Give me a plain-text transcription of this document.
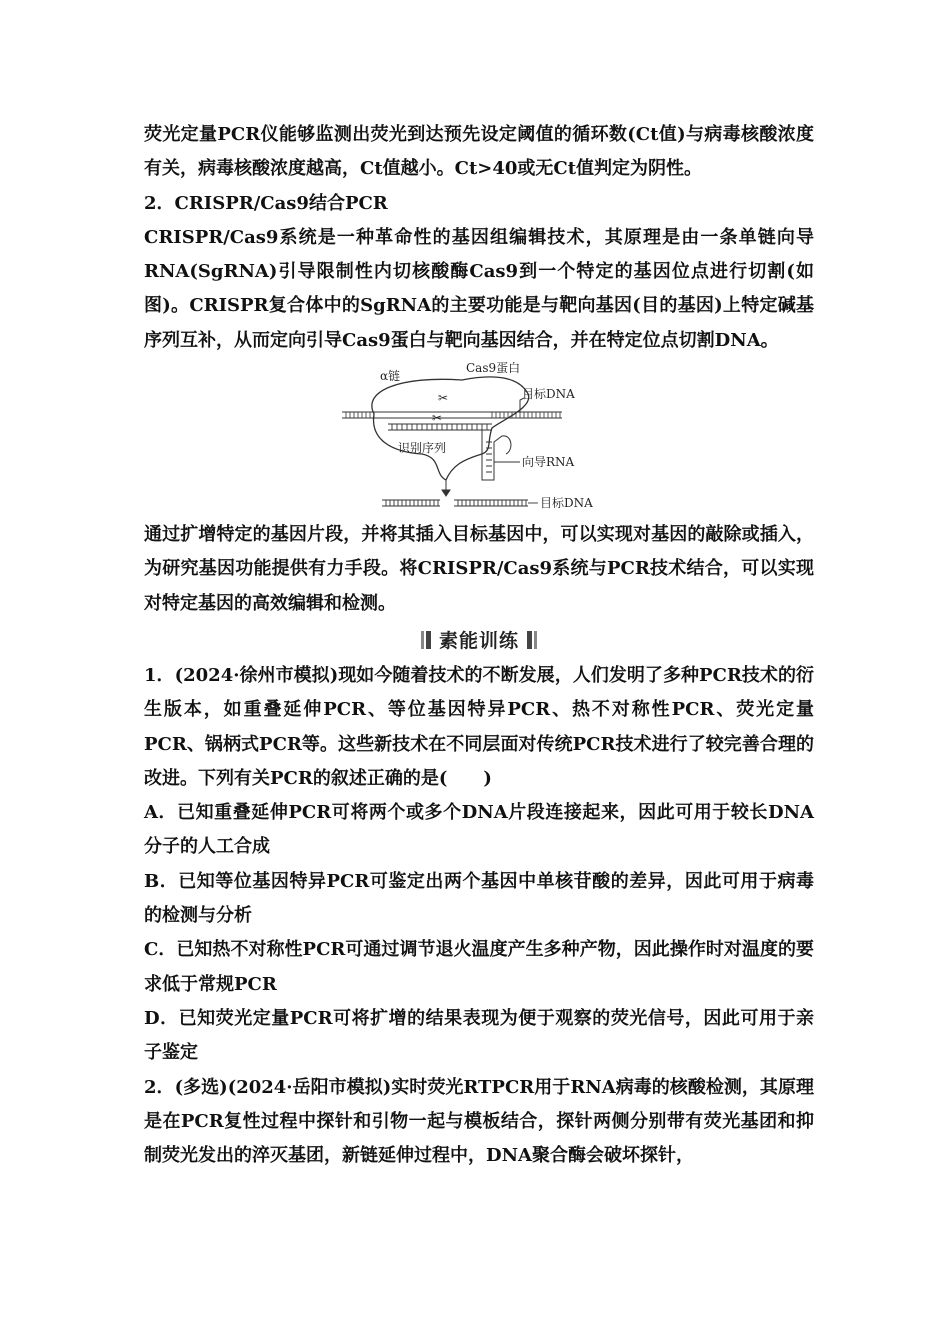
荧光定量PCR仪能够监测出荧光到达预先设定阈值的循环数(Ct值)与病毒核酸浓度有关，病毒核酸浓度越高，Ct值越小。Ct>40或无Ct值判定为阴性。

2．CRISPR/Cas9结合PCR

CRISPR/Cas9系统是一种革命性的基因组编辑技术，其原理是由一条单链向导RNA(SgRNA)引导限制性内切核酸酶Cas9到一个特定的基因位点进行切割(如图)。CRISPR复合体中的SgRNA的主要功能是与靶向基因(目的基因)上特定碱基序列互补，从而定向引导Cas9蛋白与靶向基因结合，并在特定位点切割DNA。

✂
✂
α链
Cas9蛋白
目标DNA
识别序列
向导RNA
目标DNA

通过扩增特定的基因片段，并将其插入目标基因中，可以实现对基因的敲除或插入，为研究基因功能提供有力手段。将CRISPR/Cas9系统与PCR技术结合，可以实现对特定基因的高效编辑和检测。

素能训练

1．(2024·徐州市模拟)现如今随着技术的不断发展，人们发明了多种PCR技术的衍生版本，如重叠延伸PCR、等位基因特异PCR、热不对称性PCR、荧光定量PCR、锅柄式PCR等。这些新技术在不同层面对传统PCR技术进行了较完善合理的改进。下列有关PCR的叙述正确的是(　　)

A．已知重叠延伸PCR可将两个或多个DNA片段连接起来，因此可用于较长DNA分子的人工合成

B．已知等位基因特异PCR可鉴定出两个基因中单核苷酸的差异，因此可用于病毒的检测与分析

C．已知热不对称性PCR可通过调节退火温度产生多种产物，因此操作时对温度的要求低于常规PCR

D．已知荧光定量PCR可将扩增的结果表现为便于观察的荧光信号，因此可用于亲子鉴定

2．(多选)(2024·岳阳市模拟)实时荧光RTPCR用于RNA病毒的核酸检测，其原理是在PCR复性过程中探针和引物一起与模板结合，探针两侧分别带有荧光基团和抑制荧光发出的淬灭基团，新链延伸过程中，DNA聚合酶会破坏探针，
